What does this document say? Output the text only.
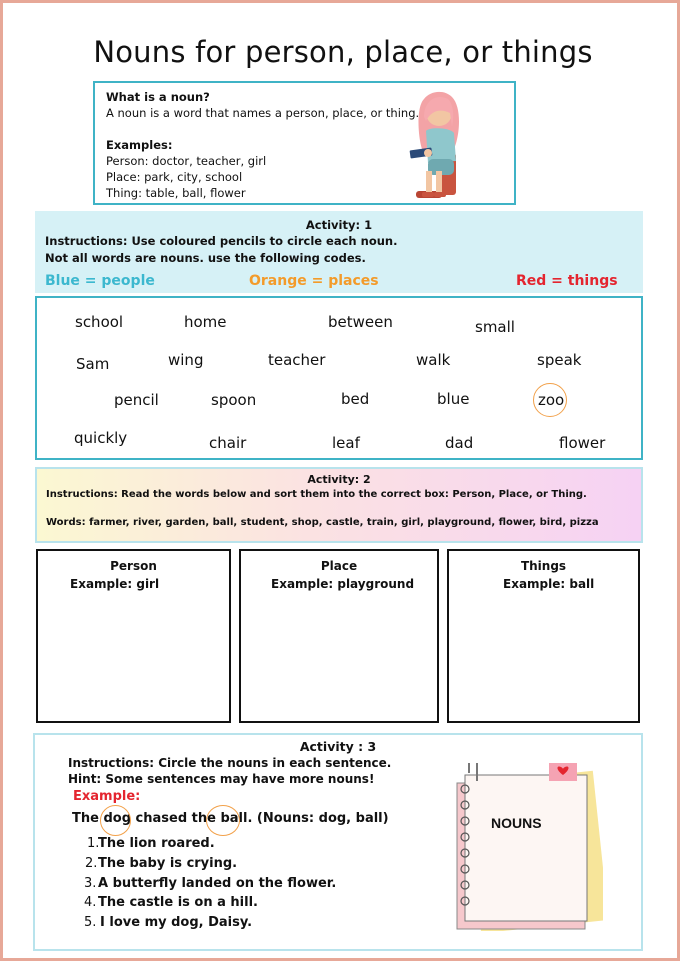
Nouns for person, place, or things
What is a noun?
A noun is a word that names a person, place, or thing.
Examples:
Person: doctor, teacher, girl
Place: park, city, school
Thing: table, ball, flower
Activity: 1
Instructions: Use coloured pencils to circle each noun.
Not all words are nouns. use the following codes.
Blue = people	Orange = places	Red = things
school	home	between	small
Sam	wing	teacher	walk	speak
pencil	spoon	bed	blue	zoo
quickly	chair	leaf	dad	flower
Activity: 2
Instructions: Read the words below and sort them into the correct box: Person, Place, or Thing.
Words: farmer, river, garden, ball, student, shop, castle, train, girl, playground, flower, bird, pizza
Person
Example: girl
Place
Example: playground
Things
Example: ball
Activity : 3
Instructions: Circle the nouns in each sentence.
Hint: Some sentences may have more nouns!
Example:
The dog chased the ball. (Nouns: dog, ball)
1.
The lion roared.
2. The baby is crying.
3. A butterfly landed on the flower.
4. The castle is on a hill.
5. I love my dog, Daisy.
NOUNS
